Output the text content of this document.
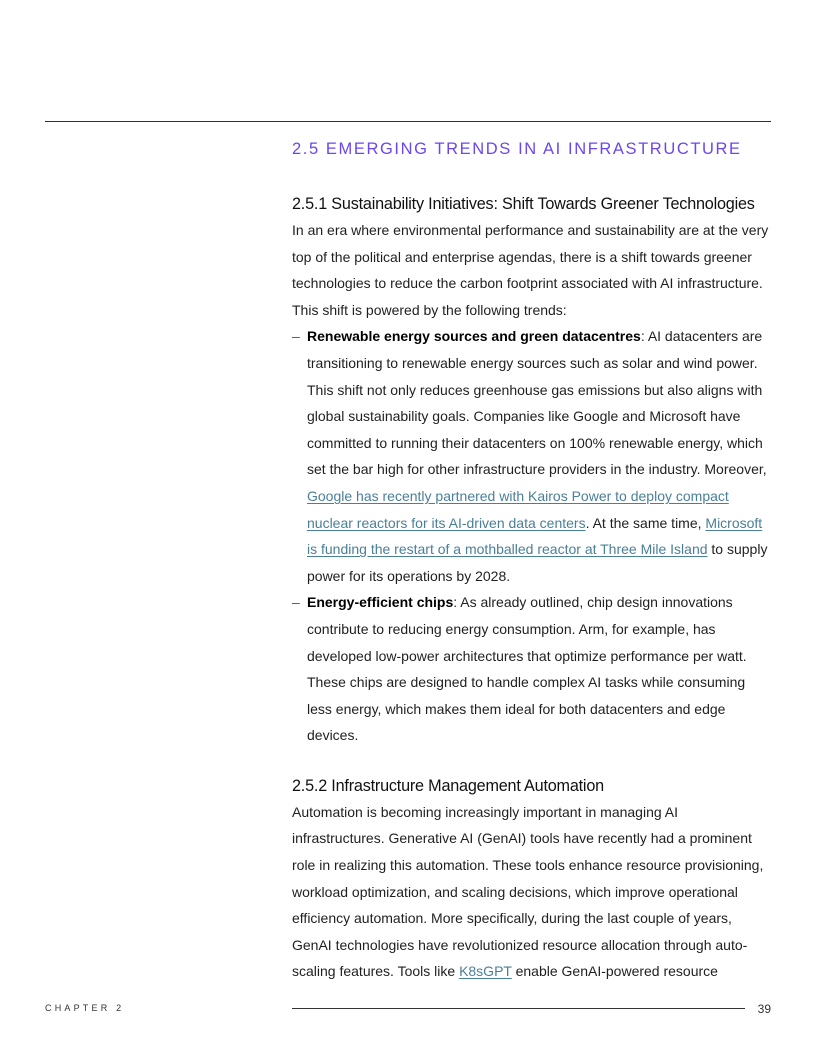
2.5 EMERGING TRENDS IN AI INFRASTRUCTURE
2.5.1 Sustainability Initiatives: Shift Towards Greener Technologies

In an era where environmental performance and sustainability are at the very top of the political and enterprise agendas, there is a shift towards greener technologies to reduce the carbon footprint associated with AI infrastructure. This shift is powered by the following trends:

– Renewable energy sources and green datacentres: AI datacenters are transitioning to renewable energy sources such as solar and wind power. This shift not only reduces greenhouse gas emissions but also aligns with global sustainability goals. Companies like Google and Microsoft have committed to running their datacenters on 100% renewable energy, which set the bar high for other infrastructure providers in the industry. Moreover, Google has recently partnered with Kairos Power to deploy compact nuclear reactors for its AI-driven data centers. At the same time, Microsoft is funding the restart of a mothballed reactor at Three Mile Island to supply power for its operations by 2028.
– Energy-efficient chips: As already outlined, chip design innovations contribute to reducing energy consumption. Arm, for example, has developed low-power architectures that optimize performance per watt. These chips are designed to handle complex AI tasks while consuming less energy, which makes them ideal for both datacenters and edge devices.
2.5.2 Infrastructure Management Automation

Automation is becoming increasingly important in managing AI infrastructures. Generative AI (GenAI) tools have recently had a prominent role in realizing this automation. These tools enhance resource provisioning, workload optimization, and scaling decisions, which improve operational efficiency automation. More specifically, during the last couple of years, GenAI technologies have revolutionized resource allocation through auto-scaling features. Tools like K8sGPT enable GenAI-powered resource

CHAPTER 2	39
